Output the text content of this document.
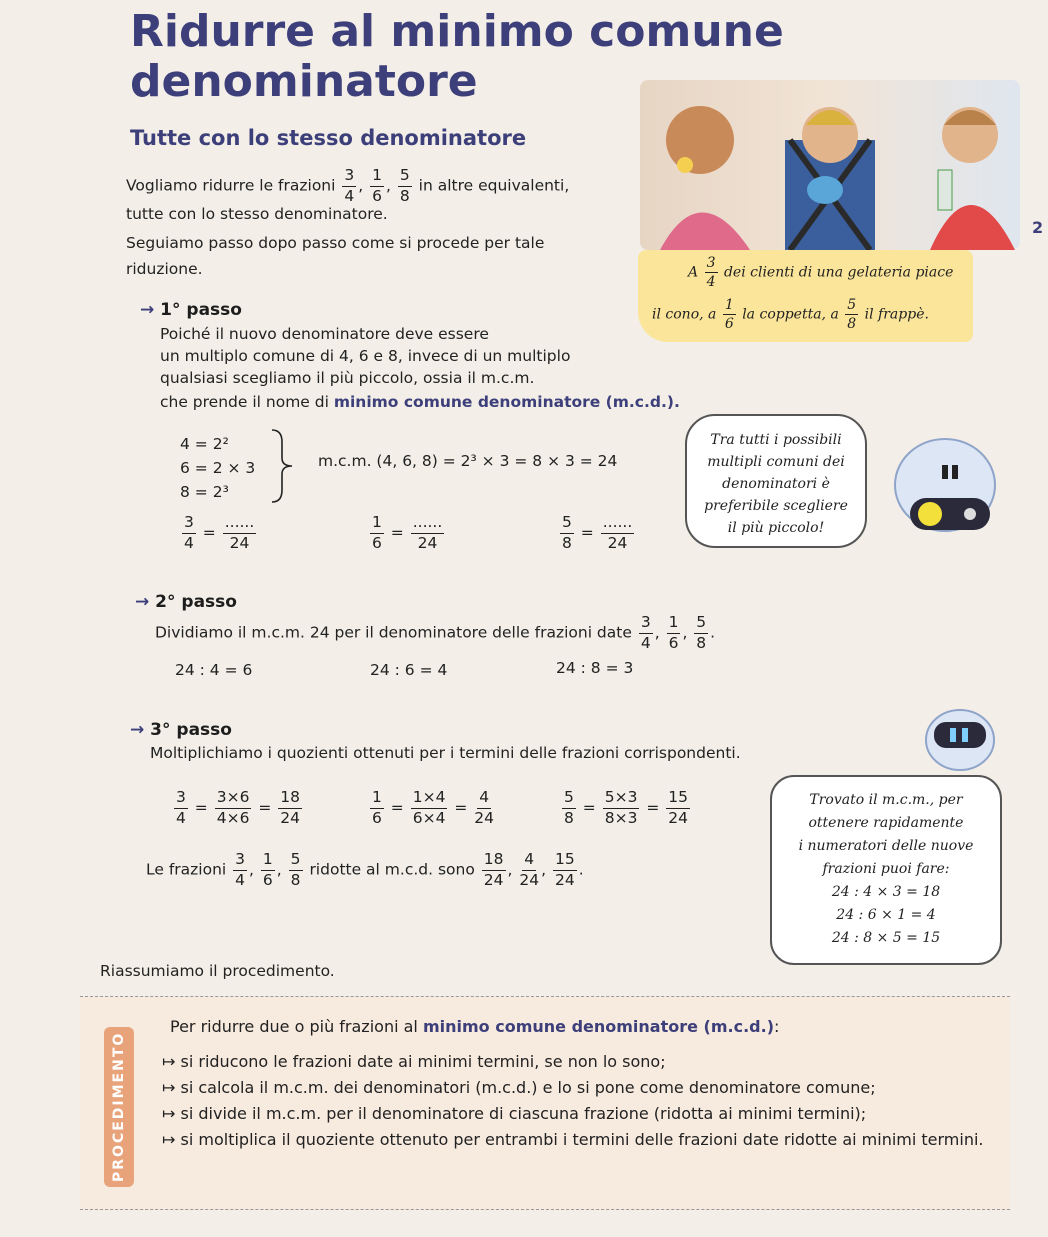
Ridurre al minimo comune
denominatore
Tutte con lo stesso denominatore
Vogliamo ridurre le frazioni $\frac{3}{4}$ , $\frac{1}{6}$ , $\frac{5}{8}$ in altre equivalenti,
tutte con lo stesso denominatore.
Seguiamo passo dopo passo come si procede per tale
riduzione.
2
A $\frac{3}{4}$ dei clienti di una gelateria piace
il cono, a $\frac{1}{6}$ la coppetta, a $\frac{5}{8}$ il frappè.
→ 1° passo
Poiché il nuovo denominatore deve essere
un multiplo comune di 4, 6 e 8, invece di un multiplo
qualsiasi scegliamo il più piccolo, ossia il m.c.m.
che prende il nome di minimo comune denominatore (m.c.d.).
4 = 2²
6 = 2 × 3
8 = 2³
m.c.m. (4, 6, 8) = 2³ × 3 = 8 × 3 = 24
$\frac{3}{4} = \frac{......}{24}$	$\frac{1}{6} = \frac{......}{24}$	$\frac{5}{8} = \frac{......}{24}$
Tra tutti i possibili
multipli comuni dei
denominatori è
preferibile scegliere
il più piccolo!
→ 2° passo
Dividiamo il m.c.m. 24 per il denominatore delle frazioni date $\frac{3}{4}$ , $\frac{1}{6}$ , $\frac{5}{8}$ .
24 : 4 = 6	24 : 6 = 4	24 : 8 = 3
→ 3° passo
Moltiplichiamo i quozienti ottenuti per i termini delle frazioni corrispondenti.
$\frac{3}{4} = \frac{3\times 6}{4\times 6} = \frac{18}{24}$	$\frac{1}{6} = \frac{1\times 4}{6\times 4} = \frac{4}{24}$	$\frac{5}{8} = \frac{5\times 3}{8\times 3} = \frac{15}{24}$
Le frazioni $\frac{3}{4}$ , $\frac{1}{6}$ , $\frac{5}{8}$ ridotte al m.c.d. sono $\frac{18}{24}$ , $\frac{4}{24}$ , $\frac{15}{24}$ .
Trovato il m.c.m., per
ottenere rapidamente
i numeratori delle nuove
frazioni puoi fare:
24 : 4 × 3 = 18
24 : 6 × 1 = 4
24 : 8 × 5 = 15
Riassumiamo il procedimento.
PROCEDIMENTO
Per ridurre due o più frazioni al minimo comune denominatore (m.c.d.):
↦ si riducono le frazioni date ai minimi termini, se non lo sono;
↦ si calcola il m.c.m. dei denominatori (m.c.d.) e lo si pone come denominatore comune;
↦ si divide il m.c.m. per il denominatore di ciascuna frazione (ridotta ai minimi termini);
↦ si moltiplica il quoziente ottenuto per entrambi i termini delle frazioni date ridotte ai minimi termini.
